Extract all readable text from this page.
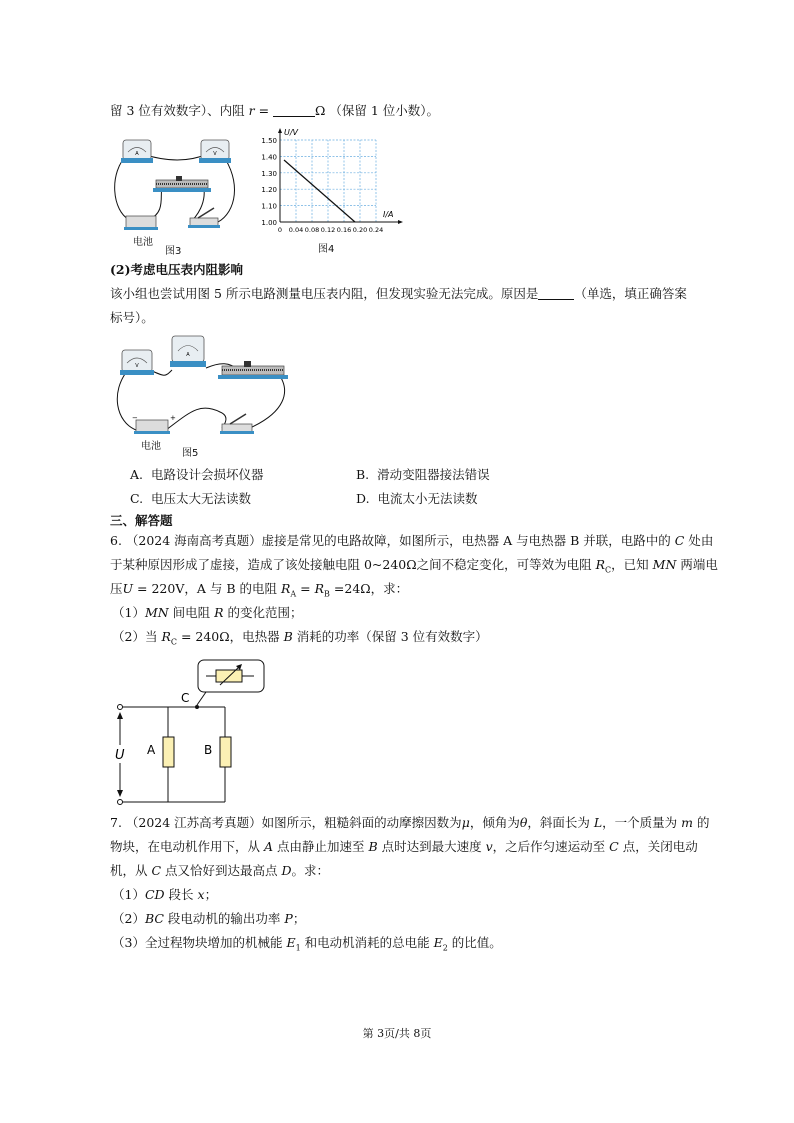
留 3 位有效数字）、内阻 r =	Ω （保留 1 位小数）。
A	V
电池
图3
1.00
1.10
1.20
1.30
1.40
1.50
0 0.04 0.08 0.12 0.16 0.20 0.24
U/V
I/A
图4
(2)考虑电压表内阻影响
该小组也尝试用图 5 所示电路测量电压表内阻，但发现实验无法完成。原因是	（单选，填正确答案
标号）。
V
A
−	+
电池
图5
A. 电路设计会损坏仪器	B. 滑动变阻器接法错误
C. 电压太大无法读数	D. 电流太小无法读数
三、解答题
6. （2024 海南高考真题）虚接是常见的电路故障，如图所示，电热器 A 与电热器 B 并联，电路中的 C 处由
于某种原因形成了虚接，造成了该处接触电阻 0~240Ω之间不稳定变化，可等效为电阻 $R_C$，已知 MN 两端电
压U = 220V，A 与 B 的电阻 $R_A = R_B =24\Omega$，求：
（1）MN 间电阻 R 的变化范围；
（2）当 $R_C = 240\Omega$，电热器 B 消耗的功率（保留 3 位有效数字）
C
A	B
U
7. （2024 江苏高考真题）如图所示，粗糙斜面的动摩擦因数为μ，倾角为θ，斜面长为 L，一个质量为 m 的
物块，在电动机作用下，从 A 点由静止加速至 B 点时达到最大速度 v，之后作匀速运动至 C 点，关闭电动
机，从 C 点又恰好到达最高点 D。求：
（1）CD 段长 x；
（2）BC 段电动机的输出功率 P；
（3）全过程物块增加的机械能 $E_1$ 和电动机消耗的总电能 $E_2$ 的比值。
第 3页/共 8页
